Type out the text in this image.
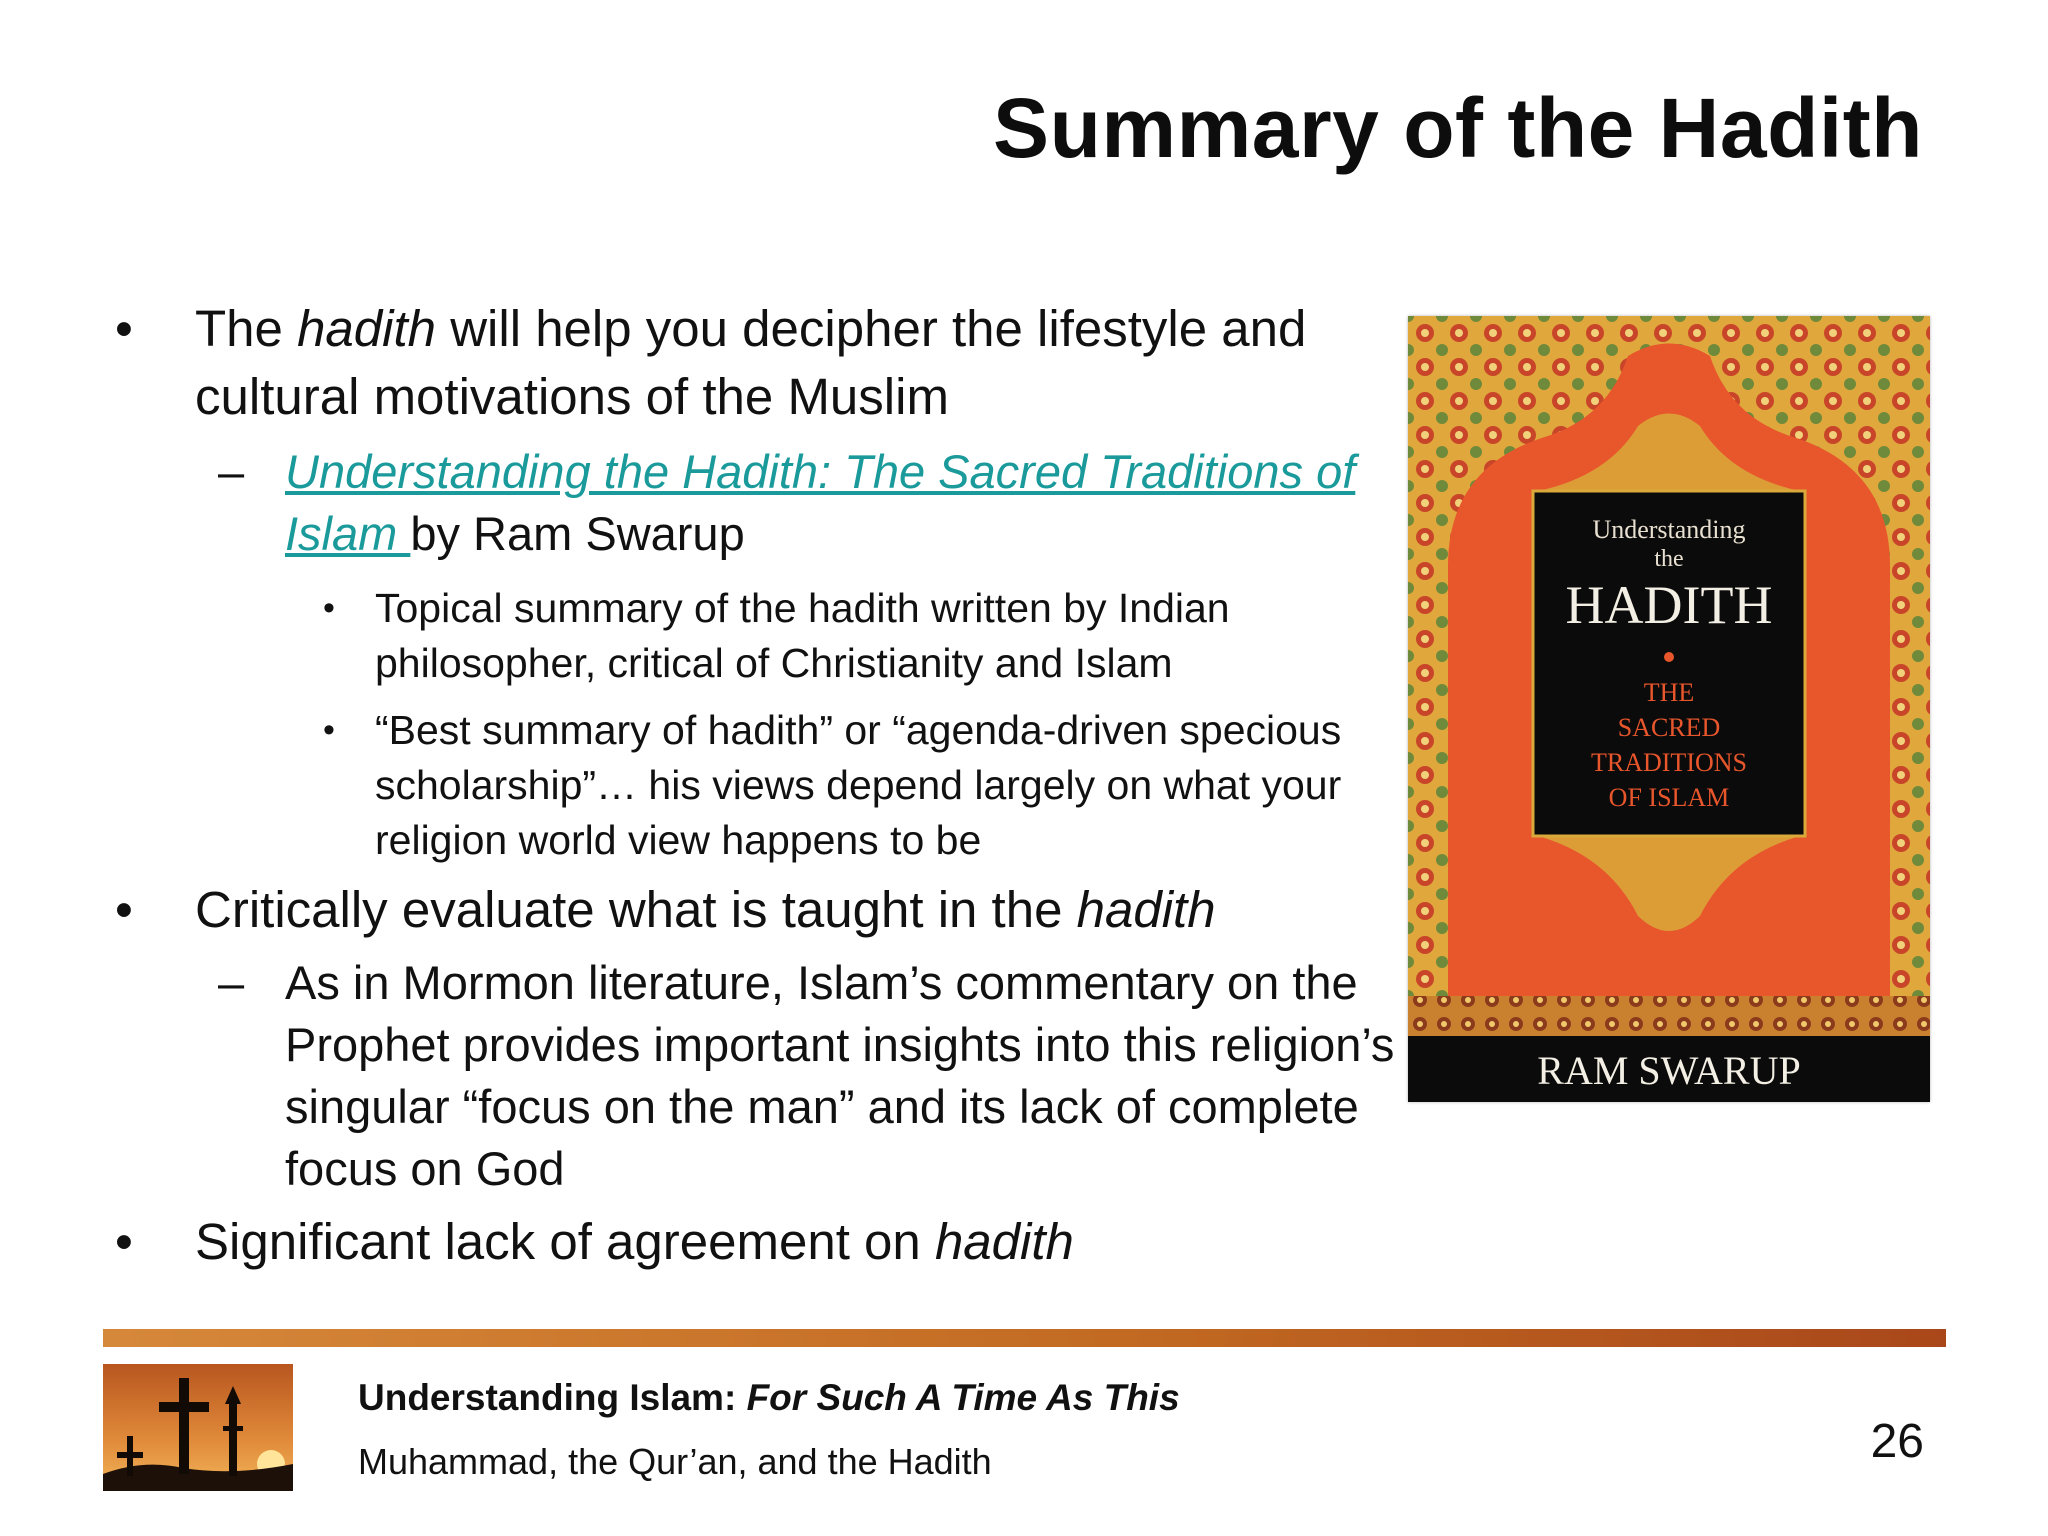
Summary of the Hadith

• The hadith will help you decipher the lifestyle and cultural motivations of the Muslim

– Understanding the Hadith: The Sacred Traditions of Islam by Ram Swarup

• Topical summary of the hadith written by Indian philosopher, critical of Christianity and Islam

• “Best summary of hadith” or “agenda-driven specious scholarship”… his views depend largely on what your religion world view happens to be

• Critically evaluate what is taught in the hadith

– As in Mormon literature, Islam’s commentary on the Prophet provides important insights into this religion’s singular “focus on the man” and its lack of complete focus on God

• Significant lack of agreement on hadith

Understanding
the
HADITH
THE
SACRED
TRADITIONS
OF ISLAM
RAM SWARUP
Understanding Islam: For Such A Time As This
Muhammad, the Qur’an, and the Hadith	26
